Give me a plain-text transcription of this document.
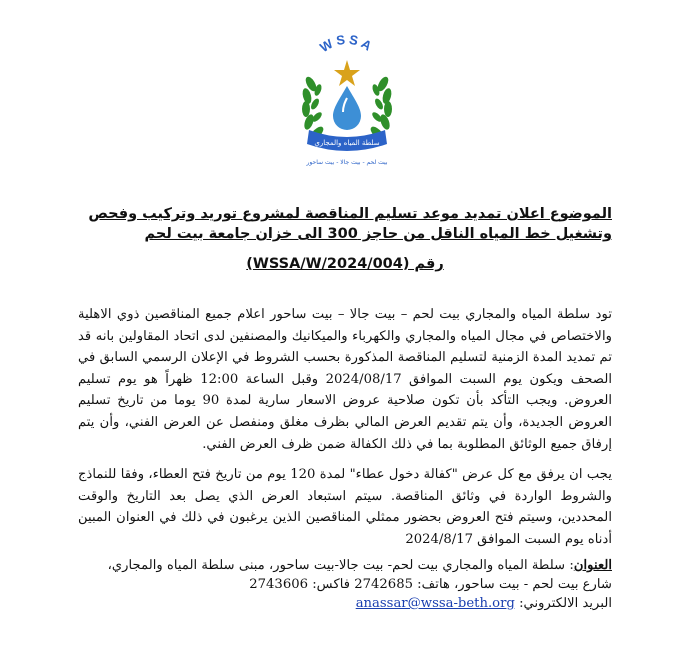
WSSA
سلطة المياه والمجاري
بيت لحم - بيت جالا - بيت ساحور
الموضوع اعلان تمديد موعد تسليم المناقصة لمشروع توريد وتركيب وفحص وتشغيل خط المياه الناقل من حاجز 300 الى خزان جامعة بيت لحم
رقم (WSSA/W/2024/004)
تود سلطة المياه والمجاري بيت لحم – بيت جالا – بيت ساحور اعلام جميع المناقصين ذوي الاهلية والاختصاص في مجال المياه والمجاري والكهرباء والميكانيك والمصنفين لدى اتحاد المقاولين بانه قد تم تمديد المدة الزمنية لتسليم المناقصة المذكورة بحسب الشروط في الإعلان الرسمي السابق في الصحف ويكون يوم السبت الموافق 2024/08/17 وقبل الساعة 12:00 ظهراً هو يوم تسليم العروض. ويجب التأكد بأن تكون صلاحية عروض الاسعار سارية لمدة 90 يوما من تاريخ تسليم العروض الجديدة، وأن يتم تقديم العرض المالي بظرف مغلق ومنفصل عن العرض الفني، وأن يتم إرفاق جميع الوثائق المطلوبة بما في ذلك الكفالة ضمن ظرف العرض الفني.
يجب ان يرفق مع كل عرض "كفالة دخول عطاء" لمدة 120 يوم من تاريخ فتح العطاء، وفقا للنماذج والشروط الواردة في وثائق المناقصة. سيتم استبعاد العرض الذي يصل بعد التاريخ والوقت المحددين، وسيتم فتح العروض بحضور ممثلي المناقصين الذين يرغبون في ذلك في العنوان المبين أدناه يوم السبت الموافق 2024/8/17
العنوان: سلطة المياه والمجاري بيت لحم- بيت جالا-بيت ساحور، مبنى سلطة المياه والمجاري، شارع بيت لحم - بيت ساحور، هاتف: 2742685 فاكس: 2743606
البريد الالكتروني: anassar@wssa-beth.org
